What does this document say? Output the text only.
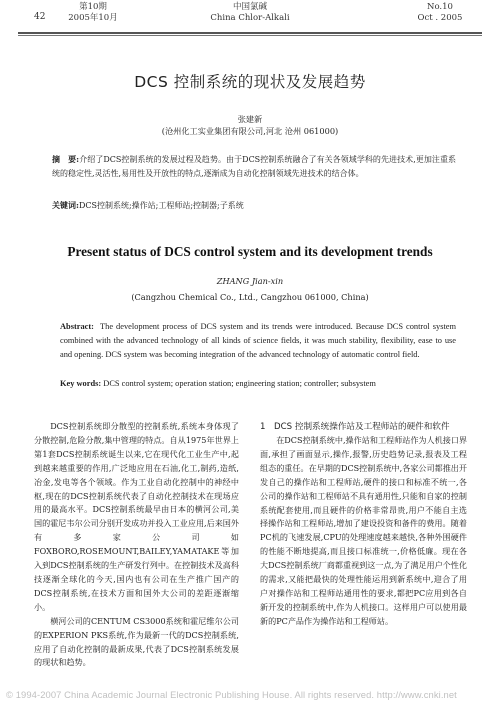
42
第10期
2005年10月
中国氯碱
China Chlor-Alkali
No.10
Oct . 2005
DCS 控制系统的现状及发展趋势
张建新
(沧州化工实业集团有限公司,河北 沧州 061000)
摘　要:介绍了DCS控制系统的发展过程及趋势。由于DCS控制系统融合了有关各领域学科的先进技术,更加注重系统的稳定性,灵活性,易用性及开放性的特点,逐渐成为自动化控制领域先进技术的结合体。
关键词:DCS控制系统;操作站;工程师站;控制器;子系统
Present status of DCS control system and its development trends
ZHANG Jian-xin
(Cangzhou Chemical Co., Ltd., Cangzhou 061000, China)
Abstract: The development process of DCS system and its trends were introduced. Because DCS control system combined with the advanced technology of all kinds of science fields, it was much stability, flexibility, ease to use and opening. DCS system was becoming integration of the advanced technology of automatic control field.
Key words: DCS control system; operation station; engineering station; controller; subsystem

DCS控制系统即分散型的控制系统,系统本身体现了分散控制,危险分散,集中管理的特点。自从1975年世界上第1套DCS控制系统诞生以来,它在现代化工业生产中,起到越来越重要的作用,广泛地应用在石油,化工,制药,造纸,冶金,发电等各个领域。作为工业自动化控制中的神经中枢,现在的DCS控制系统代表了自动化控制技术在现场应用的最高水平。DCS控制系统最早由日本的横河公司,美国的霍尼韦尔公司分别开发成功并投入工业应用,后来国外有多家公司如FOXBORO,ROSEMOUNT,BAILEY,YAMATAKE等加入到DCS控制系统的生产研发行列中。在控制技术及高科技逐渐全球化的今天,国内也有公司在生产推广国产的DCS控制系统,在技术方面和国外大公司的差距逐渐缩小。

横河公司的CENTUM CS3000系统和霍尼维尔公司的EXPERION PKS系统,作为最新一代的DCS控制系统,应用了自动化控制的最新成果,代表了DCS控制系统发展的现状和趋势。

1　DCS 控制系统操作站及工程师站的硬件和软件

在DCS控制系统中,操作站和工程师站作为人机接口界面,承担了画面显示,操作,报警,历史趋势记录,报表及工程组态的重任。在早期的DCS控制系统中,各家公司都推出开发自己的操作站和工程师站,硬件的接口和标准不统一,各公司的操作站和工程师站不具有通用性,只能和自家的控制系统配套使用,而且硬件的价格非常昂贵,用户不能自主选择操作站和工程师站,增加了建设投资和备件的费用。随着PC机的飞速发展,CPU的处理速度越来越快,各种外围硬件的性能不断地提高,而且接口标准统一,价格低廉。现在各大DCS控制系统厂商都重视到这一点,为了满足用户个性化的需求,又能把最快的处理性能运用到新系统中,迎合了用户对操作站和工程师站通用性的要求,都把PC应用到各自新开发的控制系统中,作为人机接口。这样用户可以使用最新的PC产品作为操作站和工程师站。

© 1994-2007 China Academic Journal Electronic Publishing House. All rights reserved. http://www.cnki.net
